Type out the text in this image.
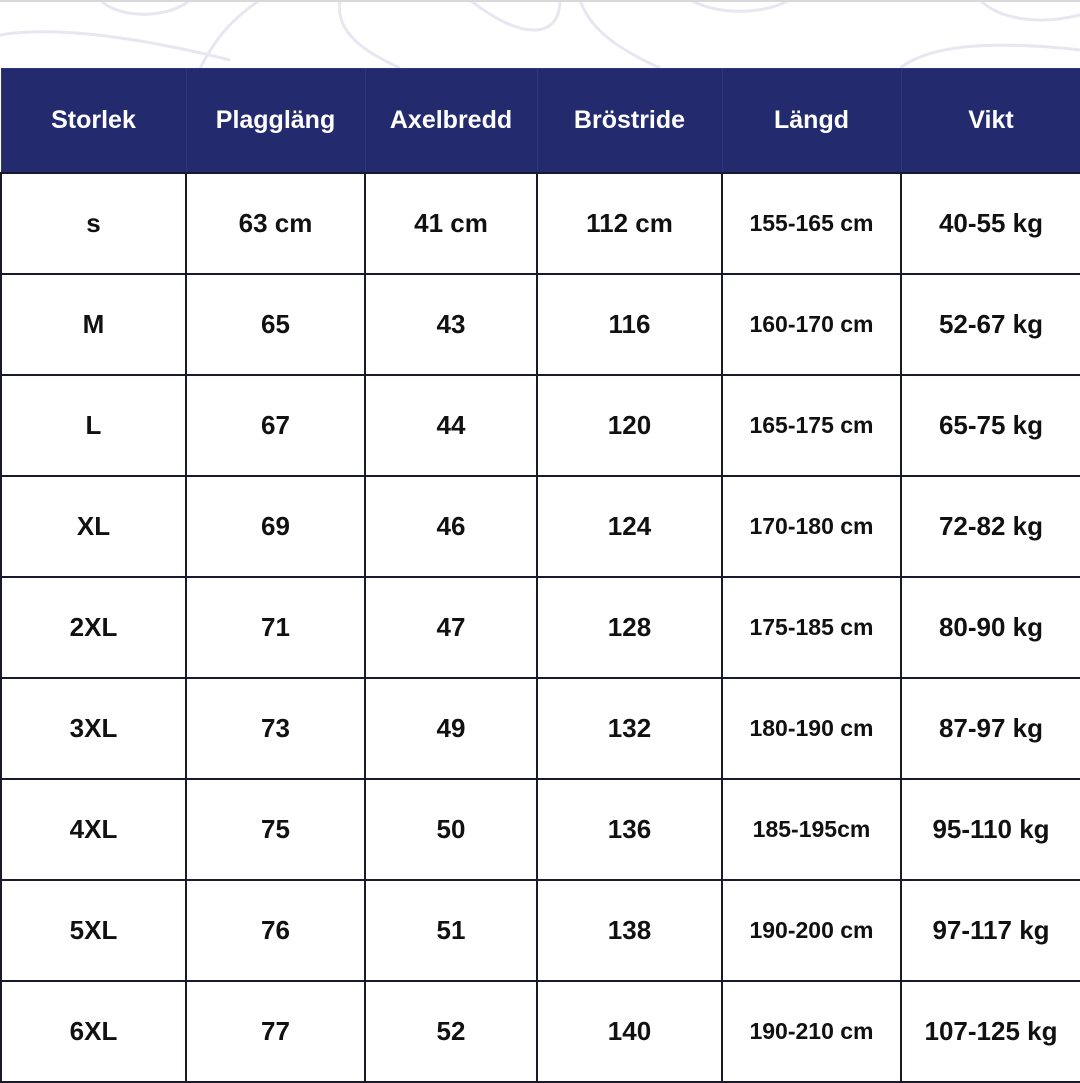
Storlek	Plaggläng	Axelbredd	Bröstride	Längd	Vikt
s	63 cm	41 cm	112 cm	155-165 cm	40-55 kg
M	65	43	116	160-170 cm	52-67 kg
L	67	44	120	165-175 cm	65-75 kg
XL	69	46	124	170-180 cm	72-82 kg
2XL	71	47	128	175-185 cm	80-90 kg
3XL	73	49	132	180-190 cm	87-97 kg
4XL	75	50	136	185-195cm	95-110 kg
5XL	76	51	138	190-200 cm	97-117 kg
6XL	77	52	140	190-210 cm	107-125 kg
